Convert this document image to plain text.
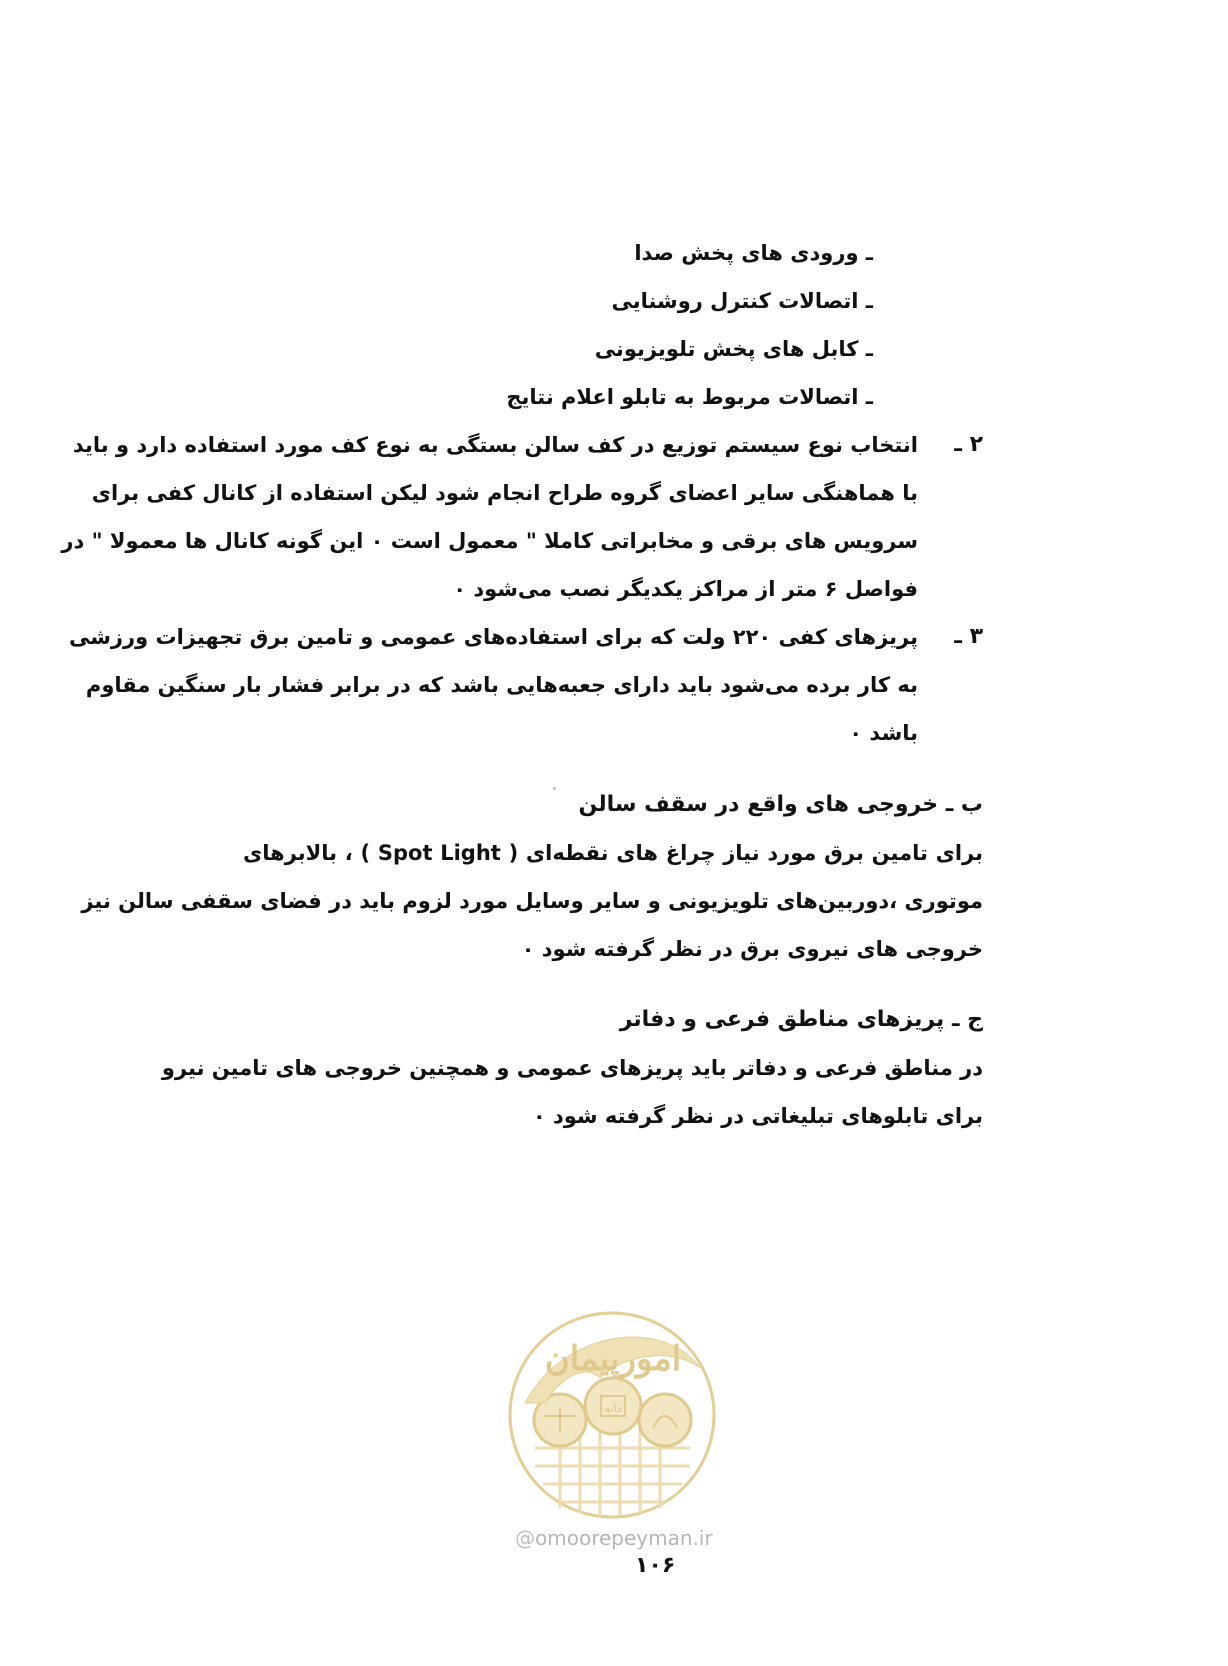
ـ ورودی های پخش صدا
ـ اتصالات کنترل روشنایی
ـ کابل های پخش تلویزیونی
ـ اتصالات مربوط به تابلو اعلام نتایج
۲ ـ
انتخاب نوع سیستم توزیع در کف سالن بستگی به نوع کف مورد استفاده دارد و باید
با هماهنگی سایر اعضای گروه طراح انجام شود لیکن استفاده از کانال کفی برای
سرویس های برقی و مخابراتی کاملا " معمول است ۰ این گونه کانال ها معمولا " در
فواصل ۶ متر از مراکز یکدیگر نصب می‌شود ۰
۳ ـ
پریزهای کفی ۲۲۰ ولت که برای استفاده‌های عمومی و تامین برق تجهیزات ورزشی
به کار برده می‌شود باید دارای جعبه‌هایی باشد که در برابر فشار بار سنگین مقاوم
باشد ۰
ب ـ خروجی های واقع در سقف سالن
برای تامین برق مورد نیاز چراغ های نقطه‌ای ( Spot Light ) ، بالابرهای
موتوری ،دوربین‌های تلویزیونی و سایر وسایل مورد لزوم باید در فضای سقفی سالن نیز
خروجی های نیروی برق در نظر گرفته شود ۰
ج ـ پریزهای مناطق فرعی و دفاتر
در مناطق فرعی و دفاتر باید پریزهای عمومی و همچنین خروجی های تامین نیرو
برای تابلوهای تبلیغاتی در نظر گرفته شود ۰
امورپیمان
دانه
@omoorepeyman.ir
۱۰۶
